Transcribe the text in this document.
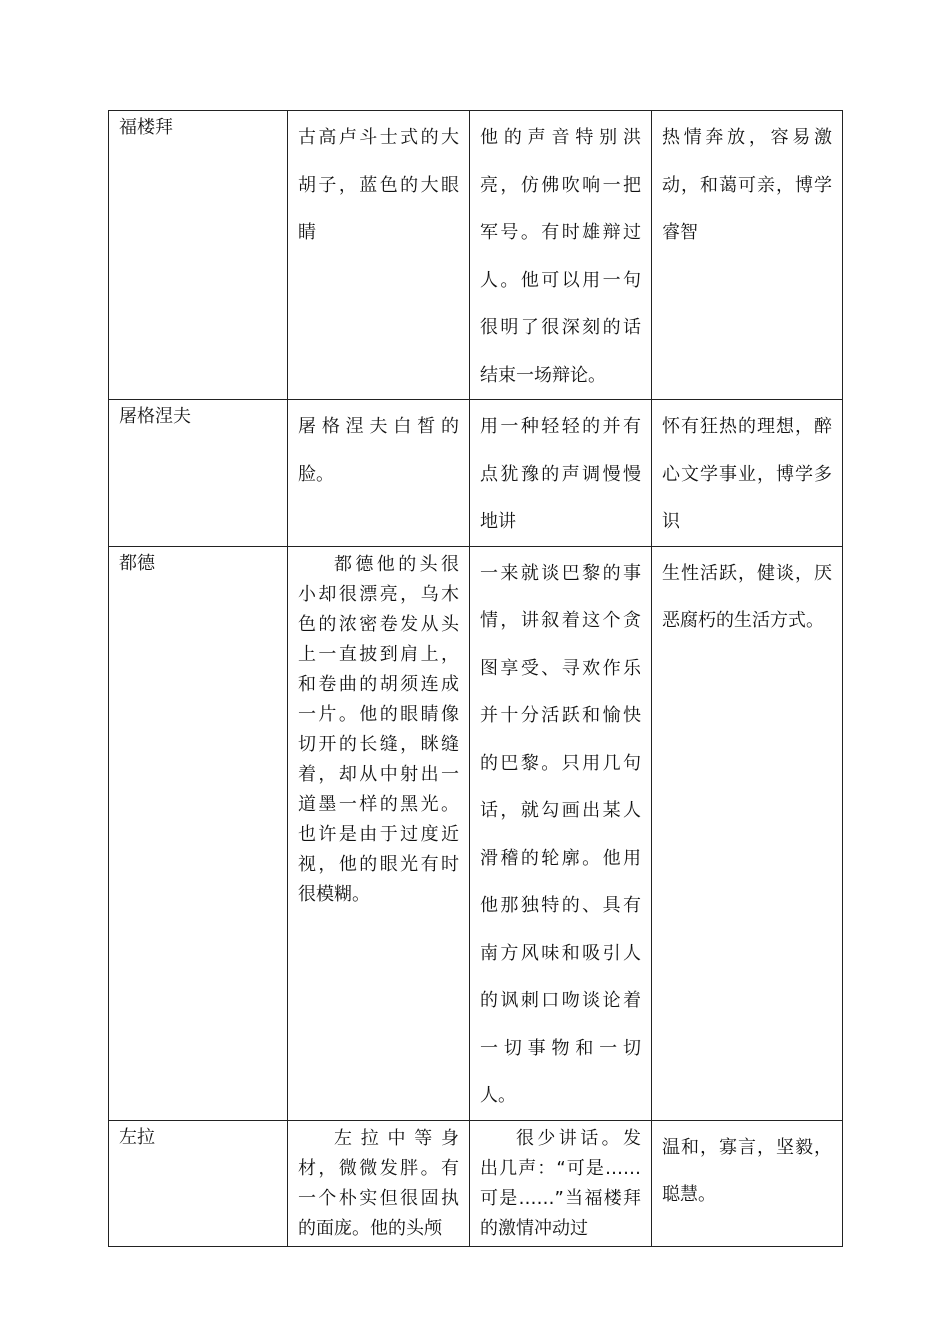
福楼拜	古高卢斗士式的大胡子，蓝色的大眼睛	他的声音特别洪亮，仿佛吹响一把军号。有时雄辩过人。他可以用一句很明了很深刻的话结束一场辩论。	热情奔放，容易激动，和蔼可亲，博学睿智

屠格涅夫	屠格涅夫白皙的脸。	用一种轻轻的并有点犹豫的声调慢慢地讲	怀有狂热的理想，醉心文学事业，博学多识

都德	都德他的头很小却很漂亮，乌木色的浓密卷发从头上一直披到肩上，和卷曲的胡须连成一片。他的眼睛像切开的长缝，眯缝着，却从中射出一道墨一样的黑光。也许是由于过度近视，他的眼光有时很模糊。	一来就谈巴黎的事情，讲叙着这个贪图享受、寻欢作乐并十分活跃和愉快的巴黎。只用几句话，就勾画出某人滑稽的轮廓。他用他那独特的、具有南方风味和吸引人的讽刺口吻谈论着一切事物和一切人。	生性活跃，健谈，厌恶腐朽的生活方式。

左拉	左拉中等身材，微微发胖。有一个朴实但很固执的面庞。他的头颅	很少讲话。发出几声：“可是……可是……”当福楼拜的激情冲动过	温和，寡言，坚毅，聪慧。
